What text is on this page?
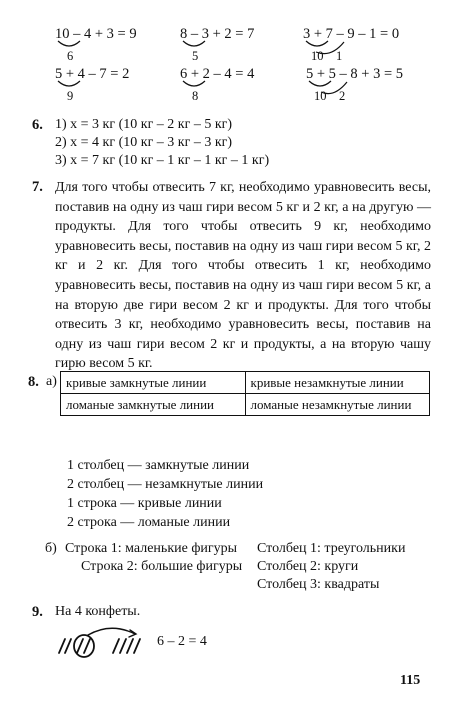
10 – 4 + 3 = 9
6
8 – 3 + 2 = 7
5
3 + 7 – 9 – 1 = 0
10 1
5 + 4 – 7 = 2
9
6 + 2 – 4 = 4
8
5 + 5 – 8 + 3 = 5
10 2
6. 1) x = 3 кг (10 кг – 2 кг – 5 кг)
2) x = 4 кг (10 кг – 3 кг – 3 кг)
3) x = 7 кг (10 кг – 1 кг – 1 кг – 1 кг)
7. Для того чтобы отвесить 7 кг, необходимо уравновесить весы, поставив на одну из чаш гири весом 5 кг и 2 кг, а на другую — продукты. Для того чтобы отвесить 9 кг, необходимо уравновесить весы, поставив на одну из чаш гири весом 5 кг, 2 кг и 2 кг. Для того чтобы отвесить 1 кг, необходимо уравновесить весы, поставив на одну из чаш гири весом 5 кг, а на вторую две гири весом 2 кг и продукты. Для того чтобы отвесить 3 кг, необходимо уравновесить весы, поставив на одну из чаш гири весом 2 кг и продукты, а на вторую чашу гирю весом 5 кг.
8. а) кривые замкнутые линии	кривые незамкнутые линии
ломаные замкнутые линии	ломаные незамкнутые линии
1 столбец — замкнутые линии
2 столбец — незамкнутые линии
1 строка — кривые линии
2 строка — ломаные линии
б) Строка 1: маленькие фигуры
Строка 2: большие фигуры
Столбец 1: треугольники
Столбец 2: круги
Столбец 3: квадраты
9. На 4 конфеты.
6 – 2 = 4
115
